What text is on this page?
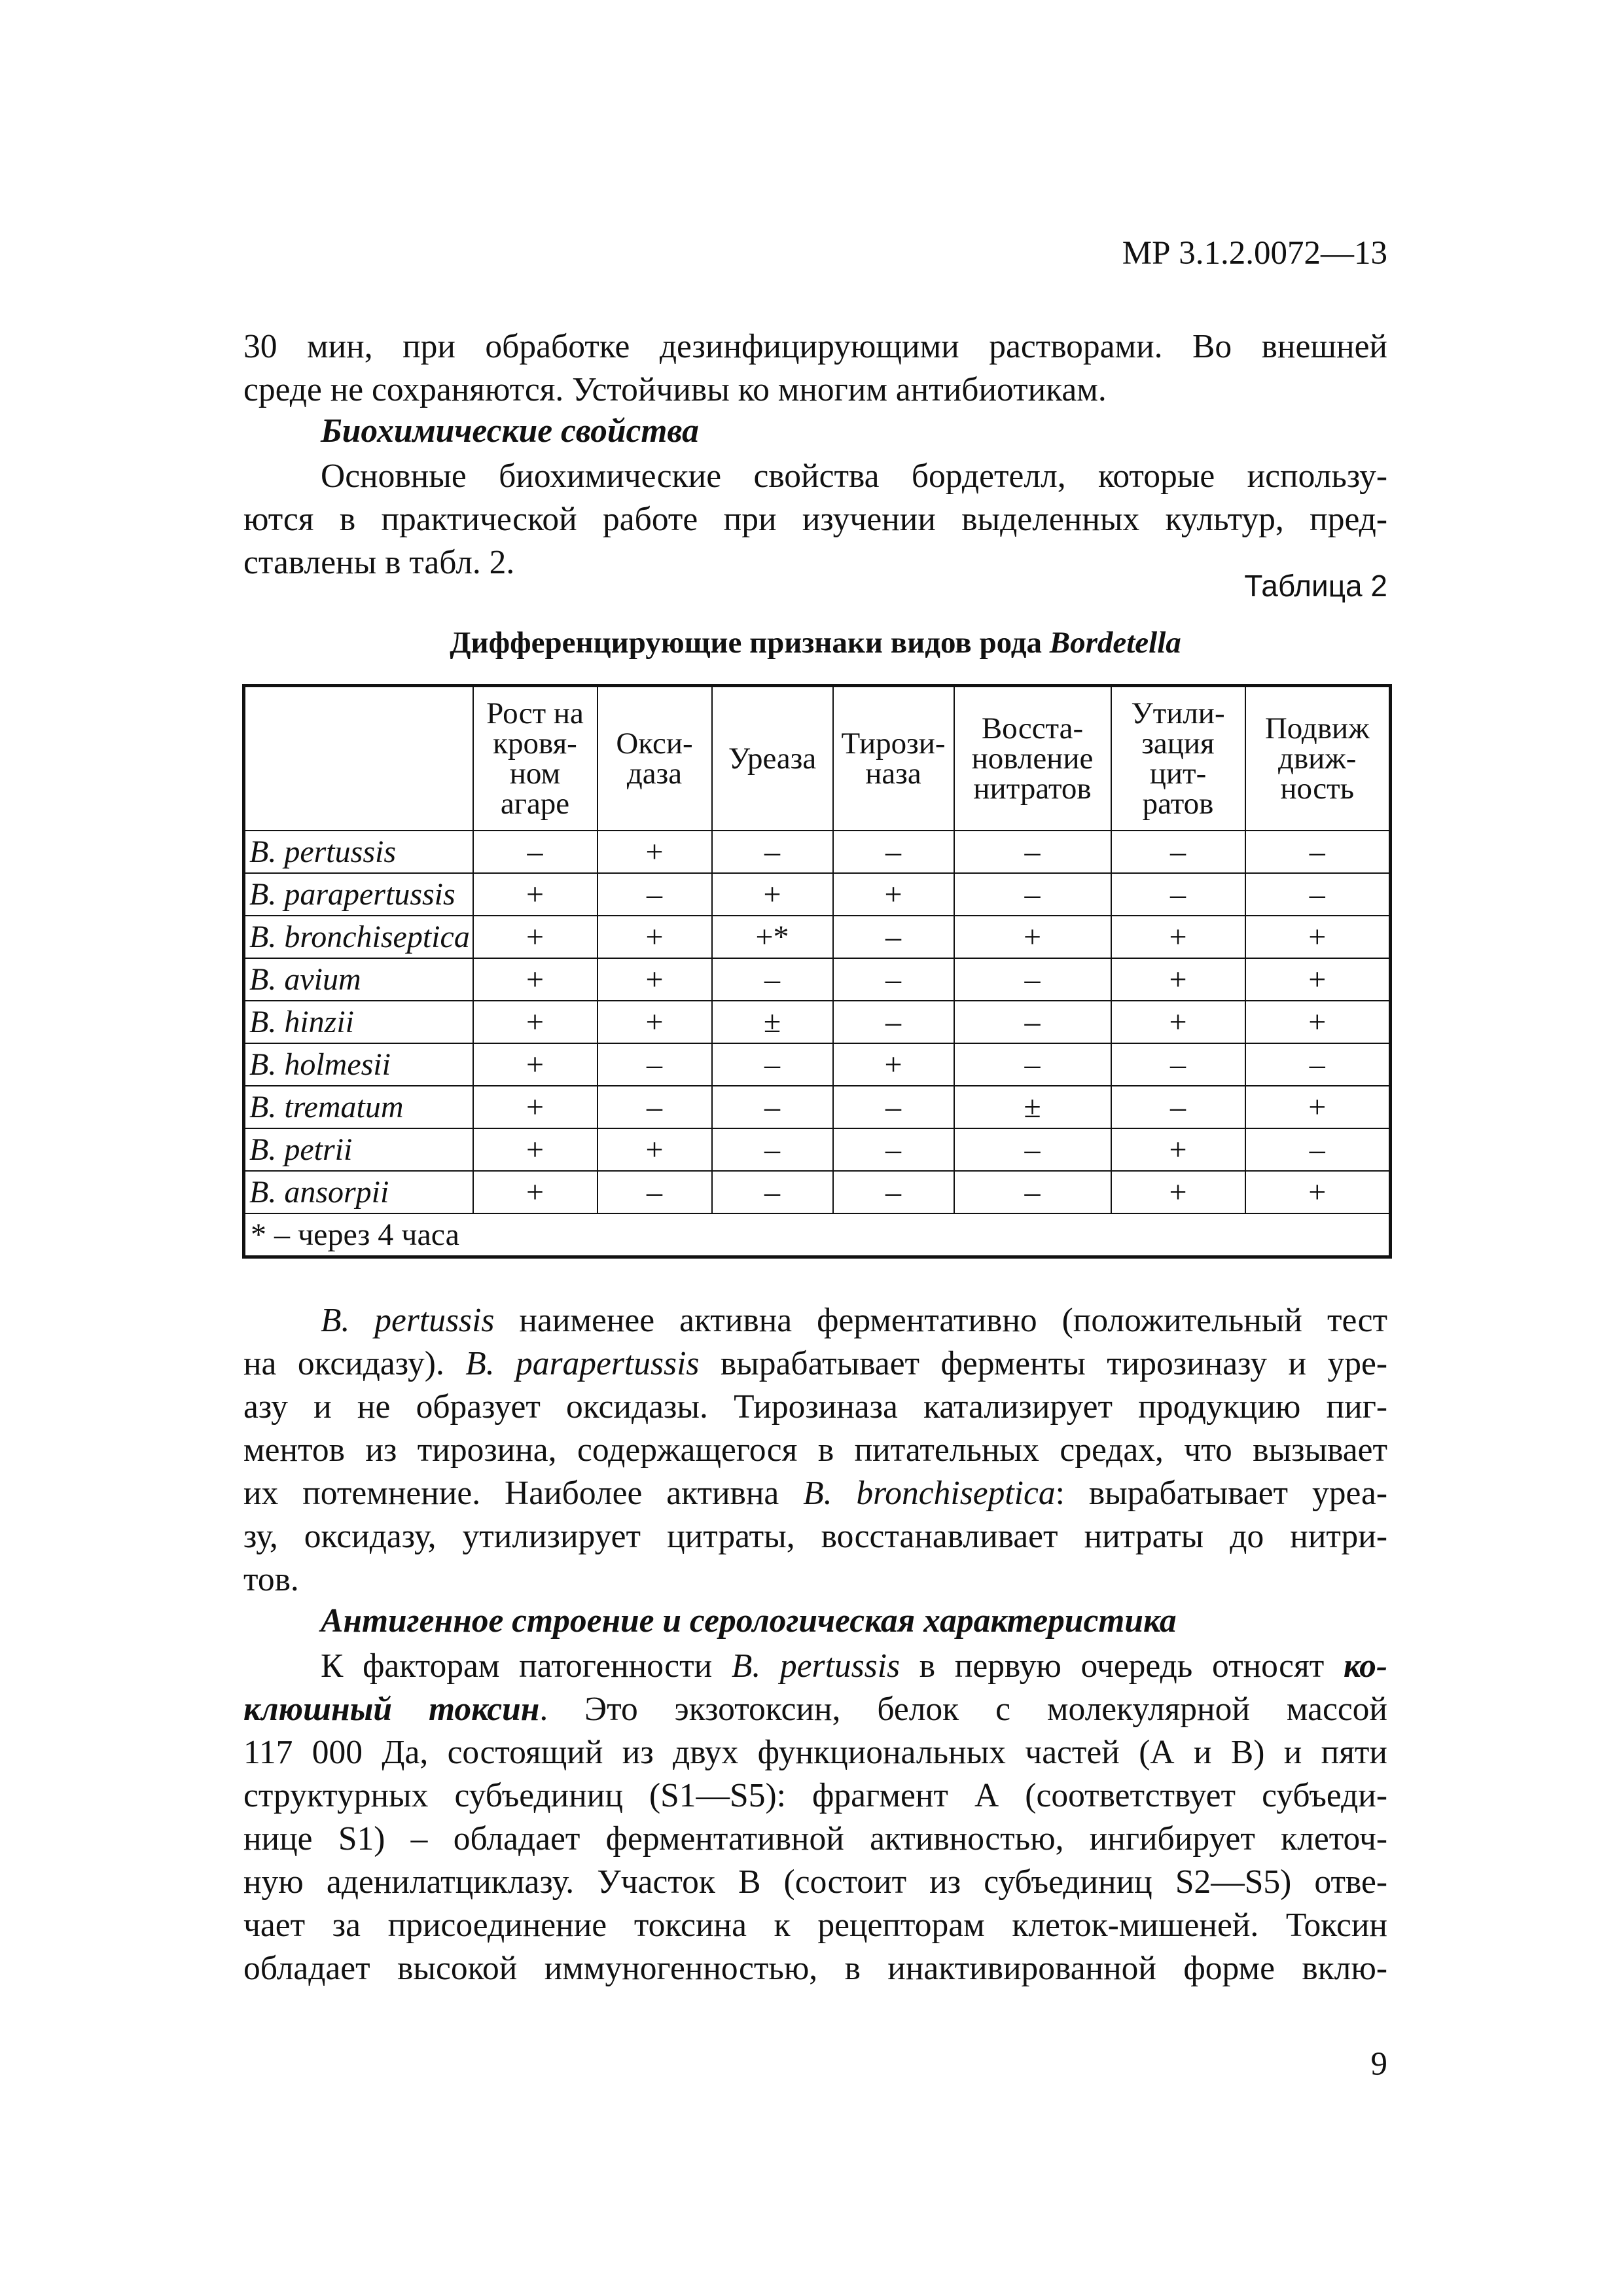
МР 3.1.2.0072—13
30 мин, при обработке дезинфицирующими растворами. Во внешней
среде не сохраняются. Устойчивы ко многим антибиотикам.
Биохимические свойства
Основные биохимические свойства бордетелл, которые использу-
ются в практической работе при изучении выделенных культур, пред-
ставлены в табл. 2.
Таблица 2
Дифференцирующие признаки видов рода Bordetella
	Рост на кровя- ном агаре	Окси- даза	Уреаза	Тирози- наза	Восста- новление нитратов	Утили- зация цит- ратов	Подвиж движ- ность
B. pertussis	–	+	–	–	–	–	–
B. parapertussis	+	–	+	+	–	–	–
B. bronchiseptica	+	+	+*	–	+	+	+
B. avium	+	+	–	–	–	+	+
B. hinzii	+	+	±	–	–	+	+
B. holmesii	+	–	–	+	–	–	–
B. trematum	+	–	–	–	±	–	+
B. petrii	+	+	–	–	–	+	–
B. ansorpii	+	–	–	–	–	+	+
* – через 4 часа							
B. pertussis наименее активна ферментативно (положительный тест
на оксидазу). B. parapertussis вырабатывает ферменты тирозиназу и уре-
азу и не образует оксидазы. Тирозиназа катализирует продукцию пиг-
ментов из тирозина, содержащегося в питательных средах, что вызывает
их потемнение. Наиболее активна B. bronchiseptica: вырабатывает уреа-
зу, оксидазу, утилизирует цитраты, восстанавливает нитраты до нитри-
тов.
Антигенное строение и серологическая характеристика
К факторам патогенности B. pertussis в первую очередь относят ко-
клюшный токсин. Это экзотоксин, белок с молекулярной массой
117 000 Да, состоящий из двух функциональных частей (А и В) и пяти
структурных субъединиц (S1—S5): фрагмент А (соответствует субъеди-
нице S1) – обладает ферментативной активностью, ингибирует клеточ-
ную аденилатциклазу. Участок В (состоит из субъединиц S2—S5) отве-
чает за присоединение токсина к рецепторам клеток-мишеней. Токсин
обладает высокой иммуногенностью, в инактивированной форме вклю-
9
